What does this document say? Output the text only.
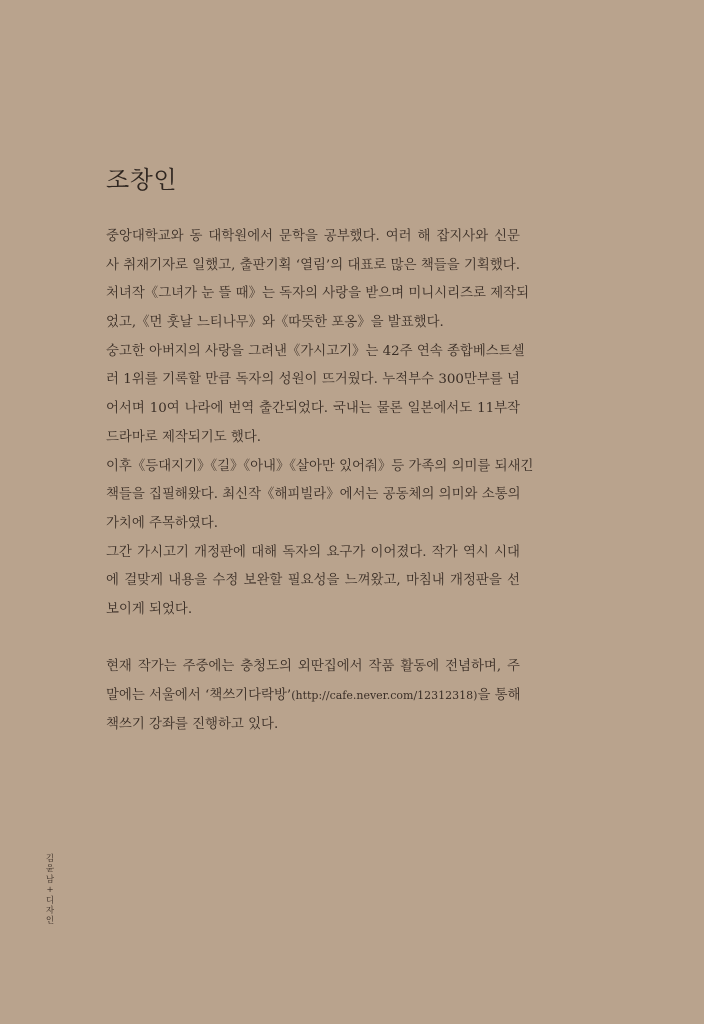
조창인
중앙대학교와 동 대학원에서 문학을 공부했다. 여러 해 잡지사와 신문
사 취재기자로 일했고, 출판기획 ‘열림’의 대표로 많은 책들을 기획했다.
처녀작《그녀가 눈 뜰 때》는 독자의 사랑을 받으며 미니시리즈로 제작되
었고,《먼 훗날 느티나무》와《따뜻한 포옹》을 발표했다.
숭고한 아버지의 사랑을 그려낸《가시고기》는 42주 연속 종합베스트셀
러 1위를 기록할 만큼 독자의 성원이 뜨거웠다. 누적부수 300만부를 넘
어서며 10여 나라에 번역 출간되었다. 국내는 물론 일본에서도 11부작
드라마로 제작되기도 했다.
이후《등대지기》《길》《아내》《살아만 있어줘》등 가족의 의미를 되새긴
책들을 집필해왔다. 최신작《해피빌라》에서는 공동체의 의미와 소통의
가치에 주목하였다.
그간 가시고기 개정판에 대해 독자의 요구가 이어졌다. 작가 역시 시대
에 걸맞게 내용을 수정 보완할 필요성을 느껴왔고, 마침내 개정판을 선
보이게 되었다.
현재 작가는 주중에는 충청도의 외딴집에서 작품 활동에 전념하며, 주
말에는 서울에서 ‘책쓰기다락방’(http://cafe.never.com/12312318)을 통해
책쓰기 강좌를 진행하고 있다.
김
윤
남
+
디
자
인
